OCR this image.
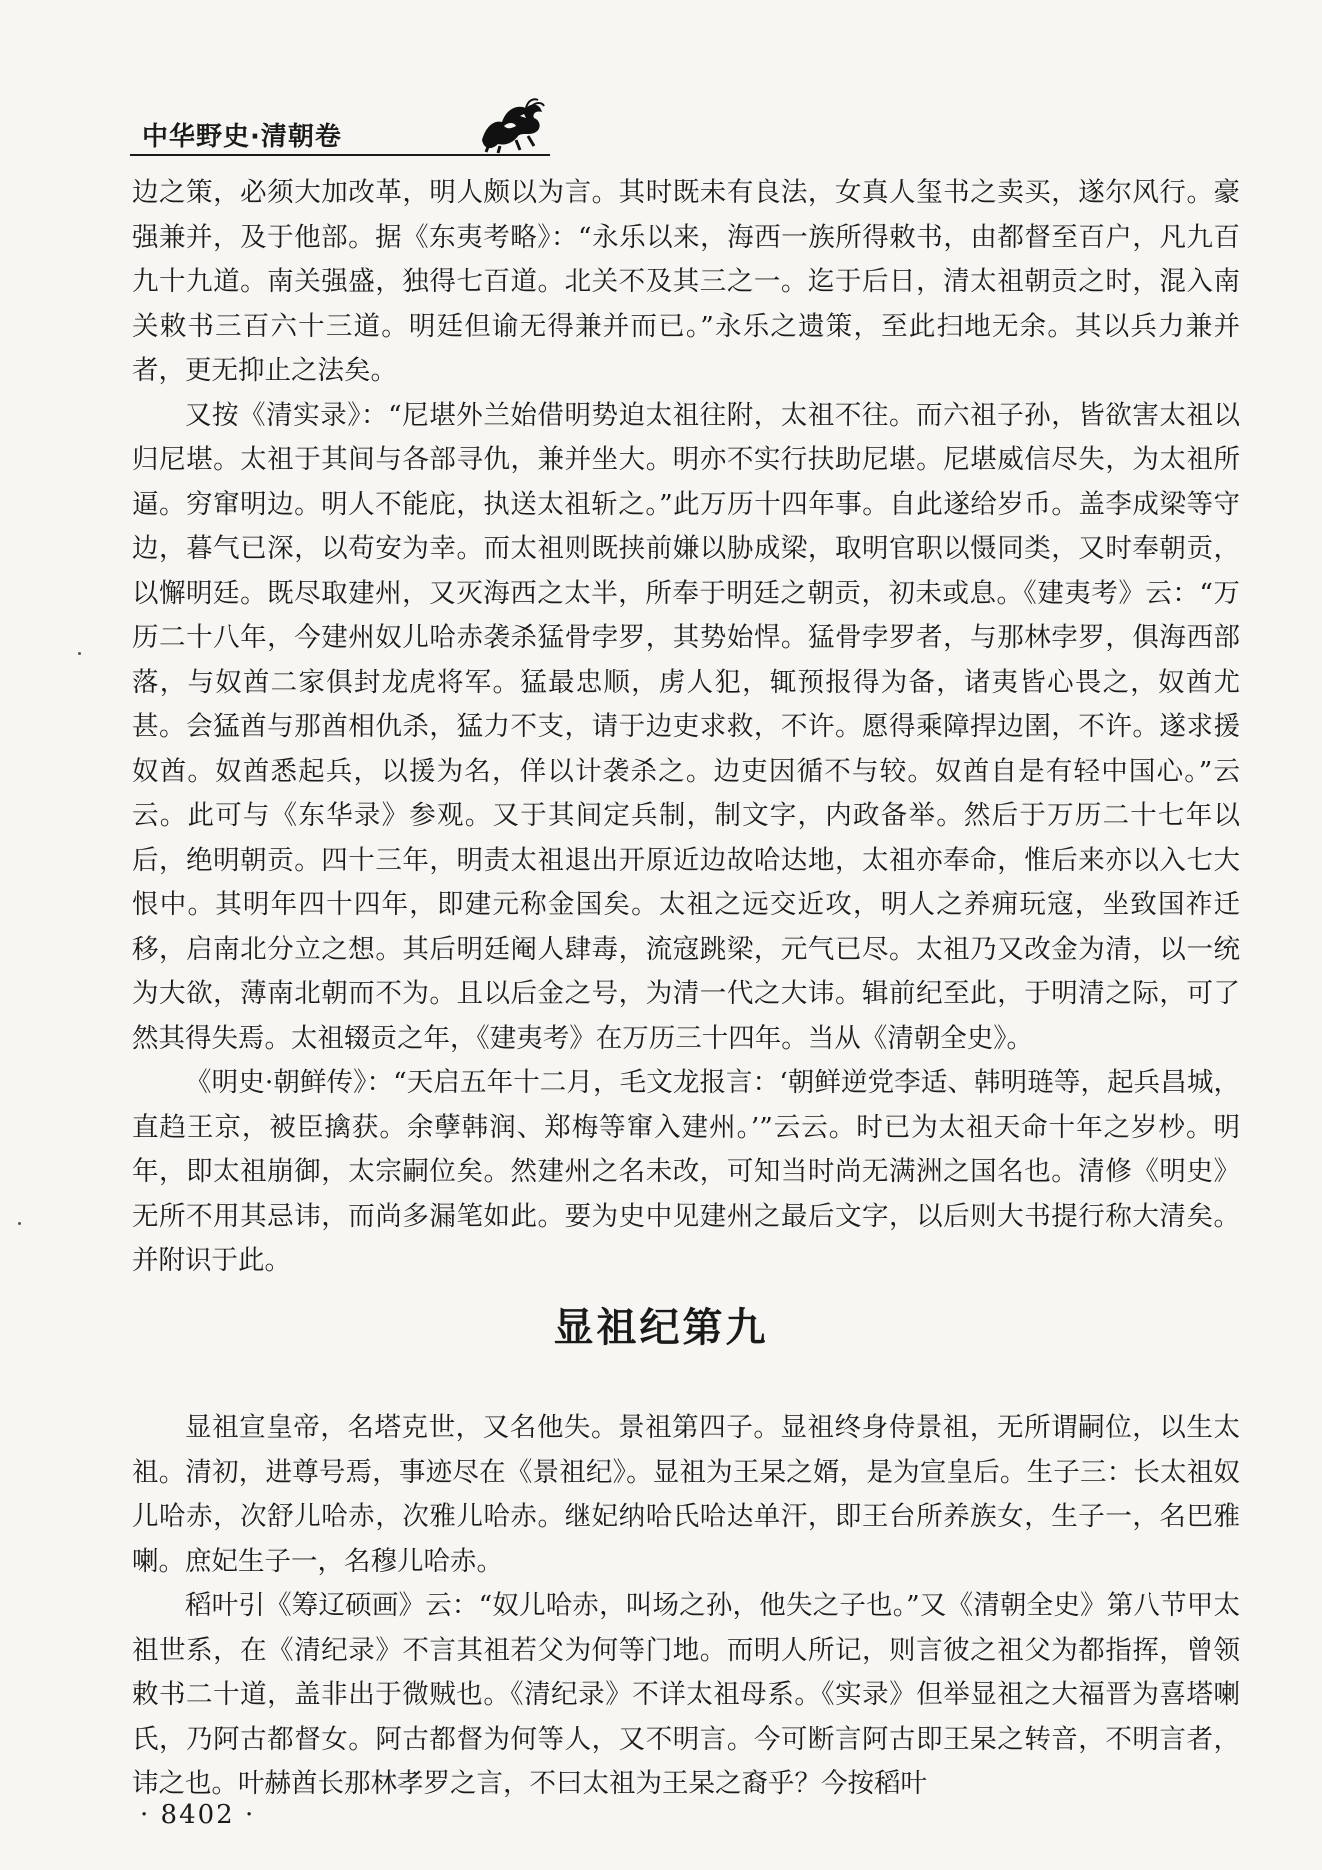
中华野史·清朝卷

边之策，必须大加改革，明人颇以为言。其时既未有良法，女真人玺书之卖买，遂尔风行。豪强兼并，及于他部。据《东夷考略》：“永乐以来，海西一族所得敕书，由都督至百户，凡九百九十九道。南关强盛，独得七百道。北关不及其三之一。迄于后日，清太祖朝贡之时，混入南关敕书三百六十三道。明廷但谕无得兼并而已。”永乐之遗策，至此扫地无余。其以兵力兼并者，更无抑止之法矣。

又按《清实录》：“尼堪外兰始借明势迫太祖往附，太祖不往。而六祖子孙，皆欲害太祖以归尼堪。太祖于其间与各部寻仇，兼并坐大。明亦不实行扶助尼堪。尼堪威信尽失，为太祖所逼。穷窜明边。明人不能庇，执送太祖斩之。”此万历十四年事。自此遂给岁币。盖李成梁等守边，暮气已深，以苟安为幸。而太祖则既挟前嫌以胁成梁，取明官职以慑同类，又时奉朝贡，以懈明廷。既尽取建州，又灭海西之太半，所奉于明廷之朝贡，初未或息。《建夷考》云：“万历二十八年，今建州奴儿哈赤袭杀猛骨孛罗，其势始悍。猛骨孛罗者，与那林孛罗，俱海西部落，与奴酋二家俱封龙虎将军。猛最忠顺，虏人犯，辄预报得为备，诸夷皆心畏之，奴酋尤甚。会猛酋与那酋相仇杀，猛力不支，请于边吏求救，不许。愿得乘障捍边圉，不许。遂求援奴酋。奴酋悉起兵，以援为名，佯以计袭杀之。边吏因循不与较。奴酋自是有轻中国心。”云云。此可与《东华录》参观。又于其间定兵制，制文字，内政备举。然后于万历二十七年以后，绝明朝贡。四十三年，明责太祖退出开原近边故哈达地，太祖亦奉命，惟后来亦以入七大恨中。其明年四十四年，即建元称金国矣。太祖之远交近攻，明人之养痈玩寇，坐致国祚迁移，启南北分立之想。其后明廷阉人肆毒，流寇跳梁，元气已尽。太祖乃又改金为清，以一统为大欲，薄南北朝而不为。且以后金之号，为清一代之大讳。辑前纪至此，于明清之际，可了然其得失焉。太祖辍贡之年，《建夷考》在万历三十四年。当从《清朝全史》。

《明史·朝鲜传》：“天启五年十二月，毛文龙报言：‘朝鲜逆党李适、韩明琏等，起兵昌城，直趋王京，被臣擒获。余孽韩润、郑梅等窜入建州。’”云云。时已为太祖天命十年之岁杪。明年，即太祖崩御，太宗嗣位矣。然建州之名未改，可知当时尚无满洲之国名也。清修《明史》无所不用其忌讳，而尚多漏笔如此。要为史中见建州之最后文字，以后则大书提行称大清矣。并附识于此。

显祖纪第九

显祖宣皇帝，名塔克世，又名他失。景祖第四子。显祖终身侍景祖，无所谓嗣位，以生太祖。清初，进尊号焉，事迹尽在《景祖纪》。显祖为王杲之婿，是为宣皇后。生子三：长太祖奴儿哈赤，次舒儿哈赤，次雅儿哈赤。继妃纳哈氏哈达单汗，即王台所养族女，生子一，名巴雅喇。庶妃生子一，名穆儿哈赤。

稻叶引《筹辽硕画》云：“奴儿哈赤，叫场之孙，他失之子也。”又《清朝全史》第八节甲太祖世系，在《清纪录》不言其祖若父为何等门地。而明人所记，则言彼之祖父为都指挥，曾领敕书二十道，盖非出于微贼也。《清纪录》不详太祖母系。《实录》但举显祖之大福晋为喜塔喇氏，乃阿古都督女。阿古都督为何等人，又不明言。今可断言阿古即王杲之转音，不明言者，讳之也。叶赫酋长那林孝罗之言，不曰太祖为王杲之裔乎？今按稻叶

· 8402 ·
